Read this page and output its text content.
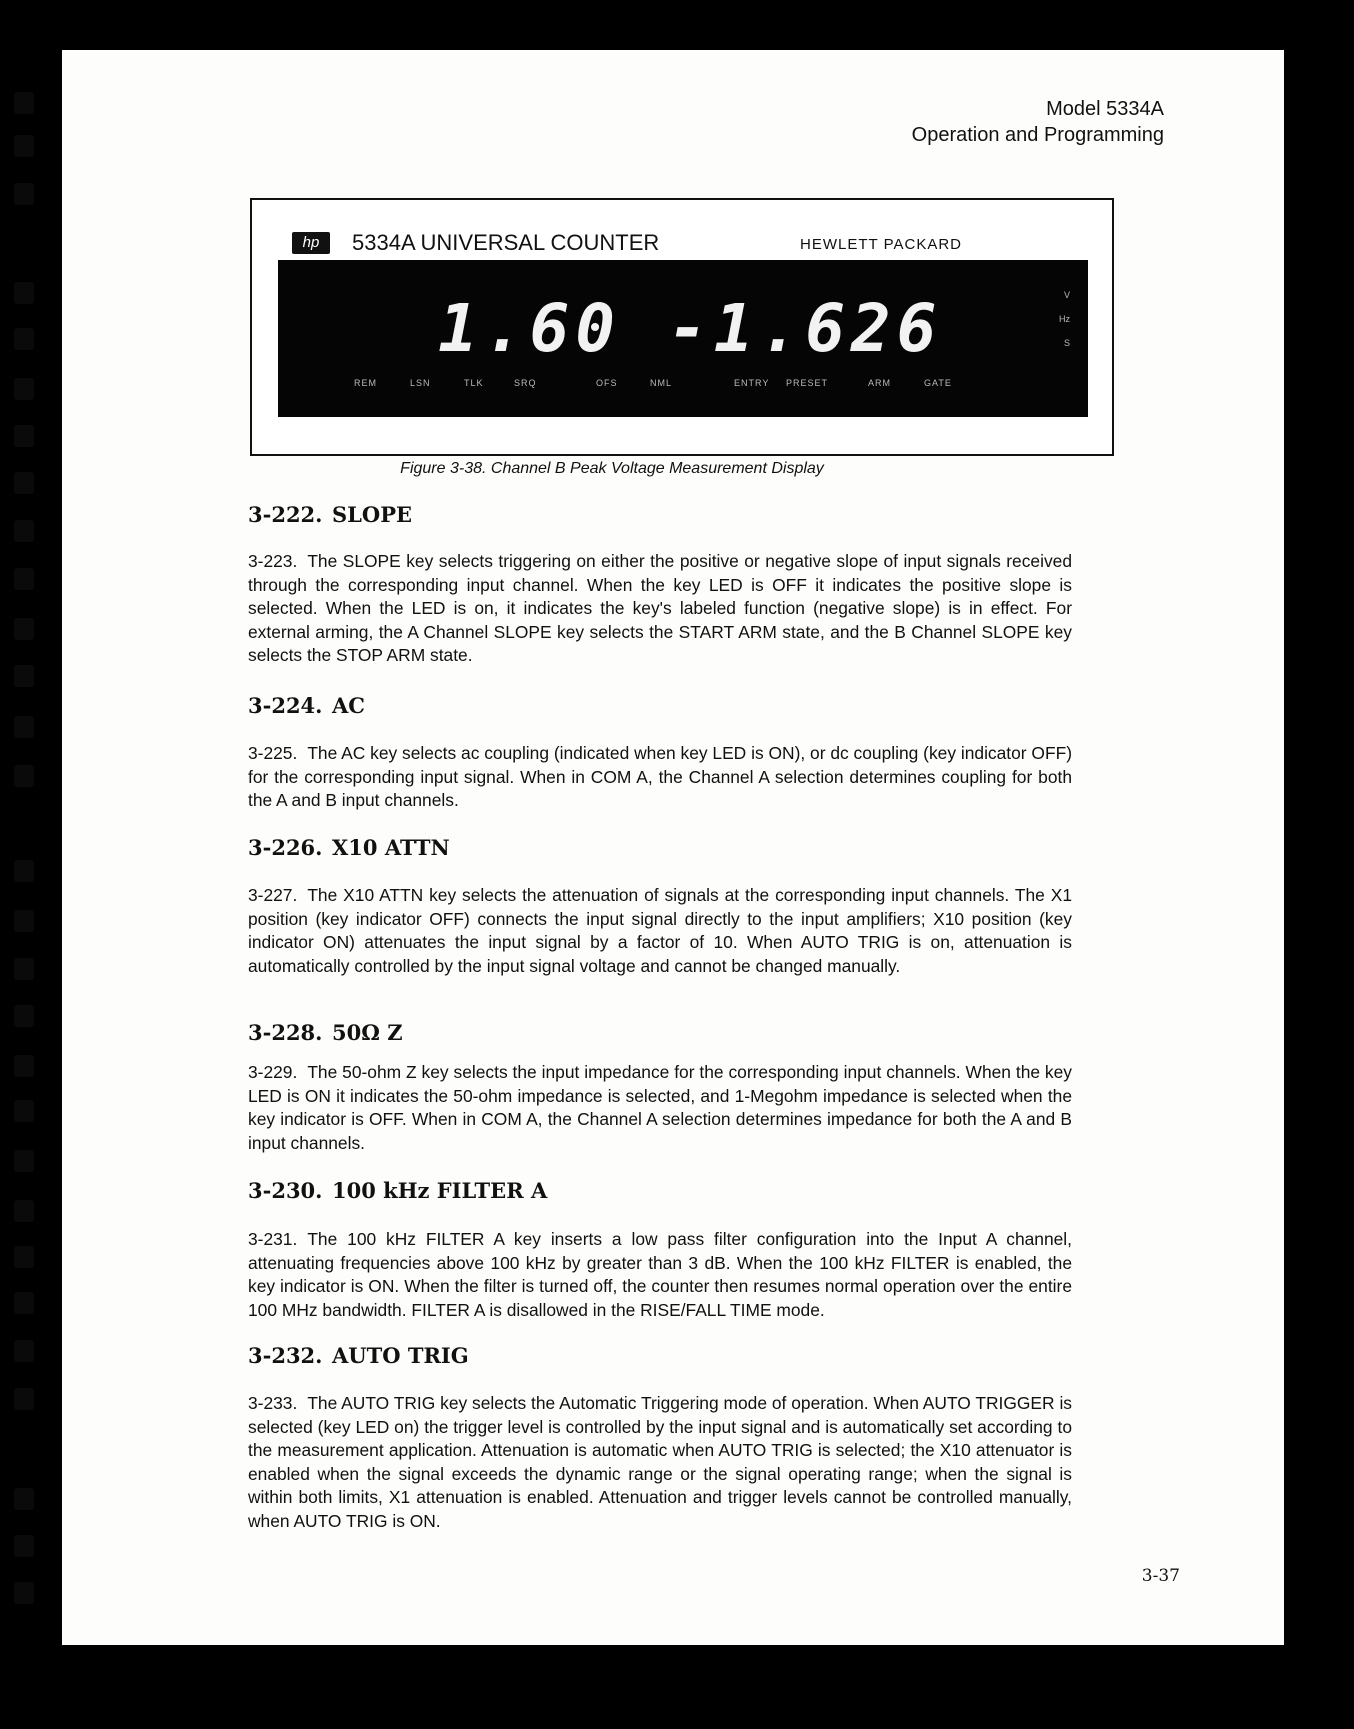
Model 5334A
Operation and Programming
hp	5334A UNIVERSAL COUNTER	HEWLETT PACKARD
1.60 -1.626	V
Hz
S
REM	LSN	TLK	SRQ	OFS	NML	ENTRY PRESET	ARM	GATE
Figure 3-38. Channel B Peak Voltage Measurement Display
3-222. SLOPE
3-223. The SLOPE key selects triggering on either the positive or negative slope of input signals received through the corresponding input channel. When the key LED is OFF it indicates the positive slope is selected. When the LED is on, it indicates the key's labeled function (negative slope) is in effect. For external arming, the A Channel SLOPE key selects the START ARM state, and the B Channel SLOPE key selects the STOP ARM state.
3-224. AC
3-225. The AC key selects ac coupling (indicated when key LED is ON), or dc coupling (key indicator OFF) for the corresponding input signal. When in COM A, the Channel A selection determines coupling for both the A and B input channels.
3-226. X10 ATTN
3-227. The X10 ATTN key selects the attenuation of signals at the corresponding input channels. The X1 position (key indicator OFF) connects the input signal directly to the input amplifiers; X10 position (key indicator ON) attenuates the input signal by a factor of 10. When AUTO TRIG is on, attenuation is automatically controlled by the input signal voltage and cannot be changed manually.
3-228. 50Ω Z
3-229. The 50-ohm Z key selects the input impedance for the corresponding input channels. When the key LED is ON it indicates the 50-ohm impedance is selected, and 1-Megohm impedance is selected when the key indicator is OFF. When in COM A, the Channel A selection determines impedance for both the A and B input channels.
3-230. 100 kHz FILTER A
3-231. The 100 kHz FILTER A key inserts a low pass filter configuration into the Input A channel, attenuating frequencies above 100 kHz by greater than 3 dB. When the 100 kHz FILTER is enabled, the key indicator is ON. When the filter is turned off, the counter then resumes normal operation over the entire 100 MHz bandwidth. FILTER A is disallowed in the RISE/FALL TIME mode.
3-232. AUTO TRIG
3-233. The AUTO TRIG key selects the Automatic Triggering mode of operation. When AUTO TRIGGER is selected (key LED on) the trigger level is controlled by the input signal and is automatically set according to the measurement application. Attenuation is automatic when AUTO TRIG is selected; the X10 attenuator is enabled when the signal exceeds the dynamic range or the signal operating range; when the signal is within both limits, X1 attenuation is enabled. Attenuation and trigger levels cannot be controlled manually, when AUTO TRIG is ON.
3-37
